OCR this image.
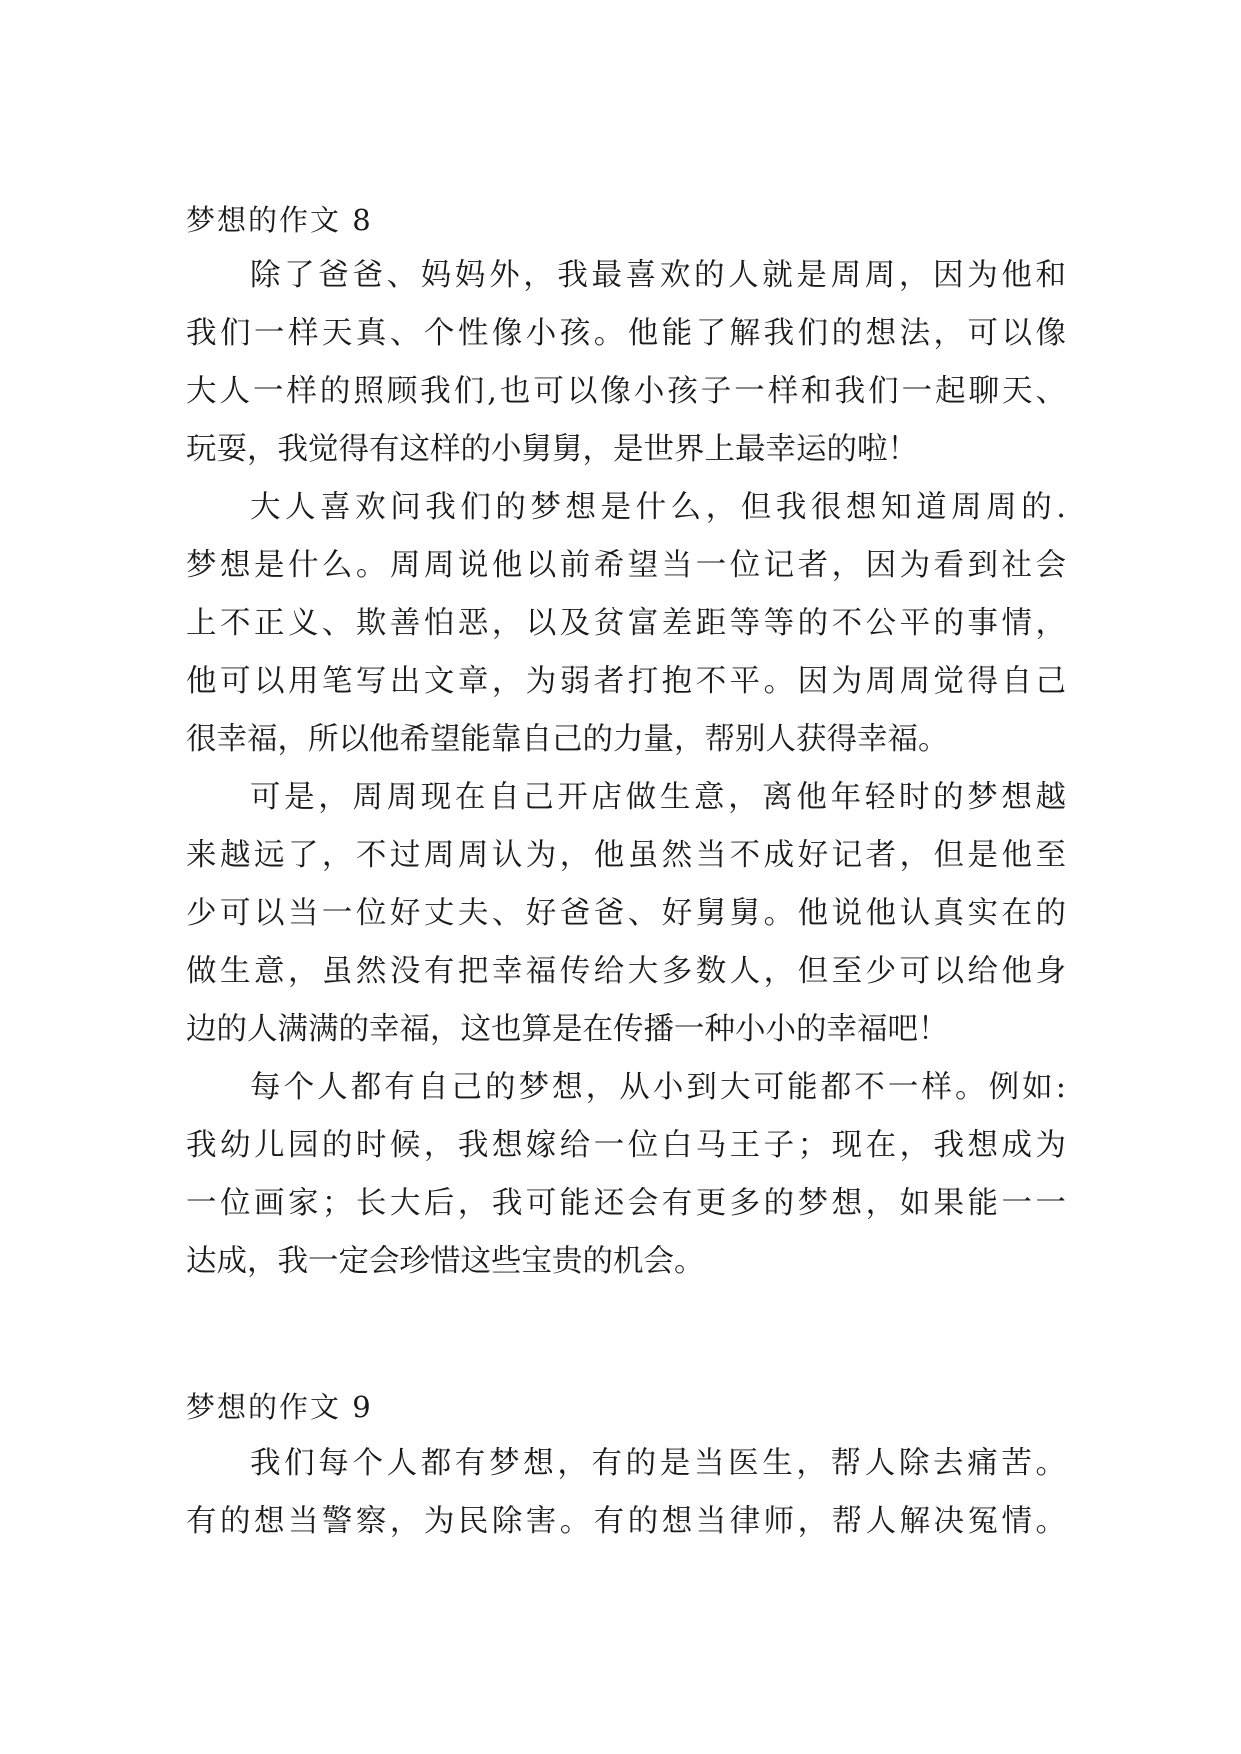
梦想的作文 8
除了爸爸、妈妈外，我最喜欢的人就是周周，因为他和
我们一样天真、个性像小孩。他能了解我们的想法，可以像
大人一样的照顾我们,也可以像小孩子一样和我们一起聊天、
玩耍，我觉得有这样的小舅舅，是世界上最幸运的啦！
大人喜欢问我们的梦想是什么，但我很想知道周周的.
梦想是什么。周周说他以前希望当一位记者，因为看到社会
上不正义、欺善怕恶，以及贫富差距等等的不公平的事情，
他可以用笔写出文章，为弱者打抱不平。因为周周觉得自己
很幸福，所以他希望能靠自己的力量，帮别人获得幸福。
可是，周周现在自己开店做生意，离他年轻时的梦想越
来越远了，不过周周认为，他虽然当不成好记者，但是他至
少可以当一位好丈夫、好爸爸、好舅舅。他说他认真实在的
做生意，虽然没有把幸福传给大多数人，但至少可以给他身
边的人满满的幸福，这也算是在传播一种小小的幸福吧！
每个人都有自己的梦想，从小到大可能都不一样。例如:
我幼儿园的时候，我想嫁给一位白马王子；现在，我想成为
一位画家；长大后，我可能还会有更多的梦想，如果能一一
达成，我一定会珍惜这些宝贵的机会。
梦想的作文 9
我们每个人都有梦想，有的是当医生，帮人除去痛苦。
有的想当警察，为民除害。有的想当律师，帮人解决冤情。
